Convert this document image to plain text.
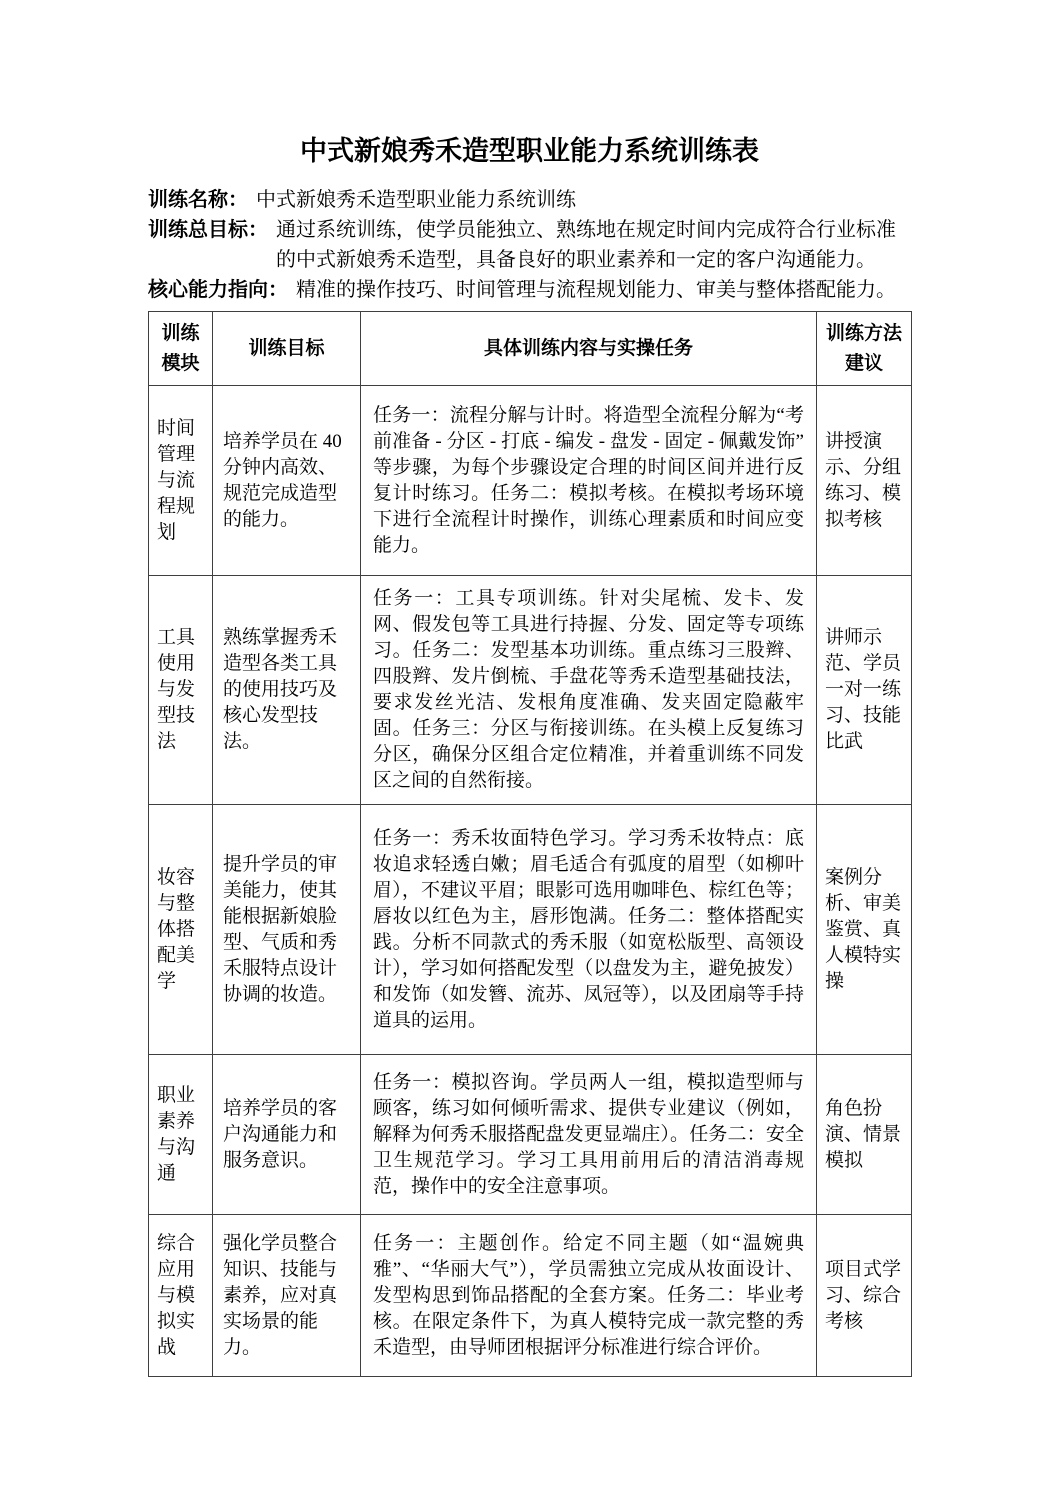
中式新娘秀禾造型职业能力系统训练表
训练名称： 中式新娘秀禾造型职业能力系统训练
训练总目标： 通过系统训练，使学员能独立、熟练地在规定时间内完成符合行业标准的中式新娘秀禾造型，具备良好的职业素养和一定的客户沟通能力。
核心能力指向： 精准的操作技巧、时间管理与流程规划能力、审美与整体搭配能力。
训练模块	训练目标	具体训练内容与实操任务	训练方法建议
时间管理与流程规划	培养学员在 40 分钟内高效、规范完成造型的能力。	任务一：流程分解与计时。将造型全流程分解为“考前准备 - 分区 - 打底 - 编发 - 盘发 - 固定 - 佩戴发饰”等步骤，为每个步骤设定合理的时间区间并进行反复计时练习。任务二：模拟考核。在模拟考场环境下进行全流程计时操作，训练心理素质和时间应变能力。	讲授演示、分组练习、模拟考核
工具使用与发型技法	熟练掌握秀禾造型各类工具的使用技巧及核心发型技法。	任务一：工具专项训练。针对尖尾梳、发卡、发网、假发包等工具进行持握、分发、固定等专项练习。任务二：发型基本功训练。重点练习三股辫、四股辫、发片倒梳、手盘花等秀禾造型基础技法，要求发丝光洁、发根角度准确、发夹固定隐蔽牢固。任务三：分区与衔接训练。在头模上反复练习分区，确保分区组合定位精准，并着重训练不同发区之间的自然衔接。	讲师示范、学员一对一练习、技能比武
妆容与整体搭配美学	提升学员的审美能力，使其能根据新娘脸型、气质和秀禾服特点设计协调的妆造。	任务一：秀禾妆面特色学习。学习秀禾妆特点：底妆追求轻透白嫩；眉毛适合有弧度的眉型（如柳叶眉），不建议平眉；眼影可选用咖啡色、棕红色等；唇妆以红色为主，唇形饱满。任务二：整体搭配实践。分析不同款式的秀禾服（如宽松版型、高领设计），学习如何搭配发型（以盘发为主，避免披发）和发饰（如发簪、流苏、凤冠等），以及团扇等手持道具的运用。	案例分析、审美鉴赏、真人模特实操
职业素养与沟通	培养学员的客户沟通能力和服务意识。	任务一：模拟咨询。学员两人一组，模拟造型师与顾客，练习如何倾听需求、提供专业建议（例如，解释为何秀禾服搭配盘发更显端庄）。任务二：安全卫生规范学习。学习工具用前用后的清洁消毒规范，操作中的安全注意事项。	角色扮演、情景模拟
综合应用与模拟实战	强化学员整合知识、技能与素养，应对真实场景的能力。	任务一：主题创作。给定不同主题（如“温婉典雅”、“华丽大气”），学员需独立完成从妆面设计、发型构思到饰品搭配的全套方案。任务二：毕业考核。在限定条件下，为真人模特完成一款完整的秀禾造型，由导师团根据评分标准进行综合评价。	项目式学习、综合考核
